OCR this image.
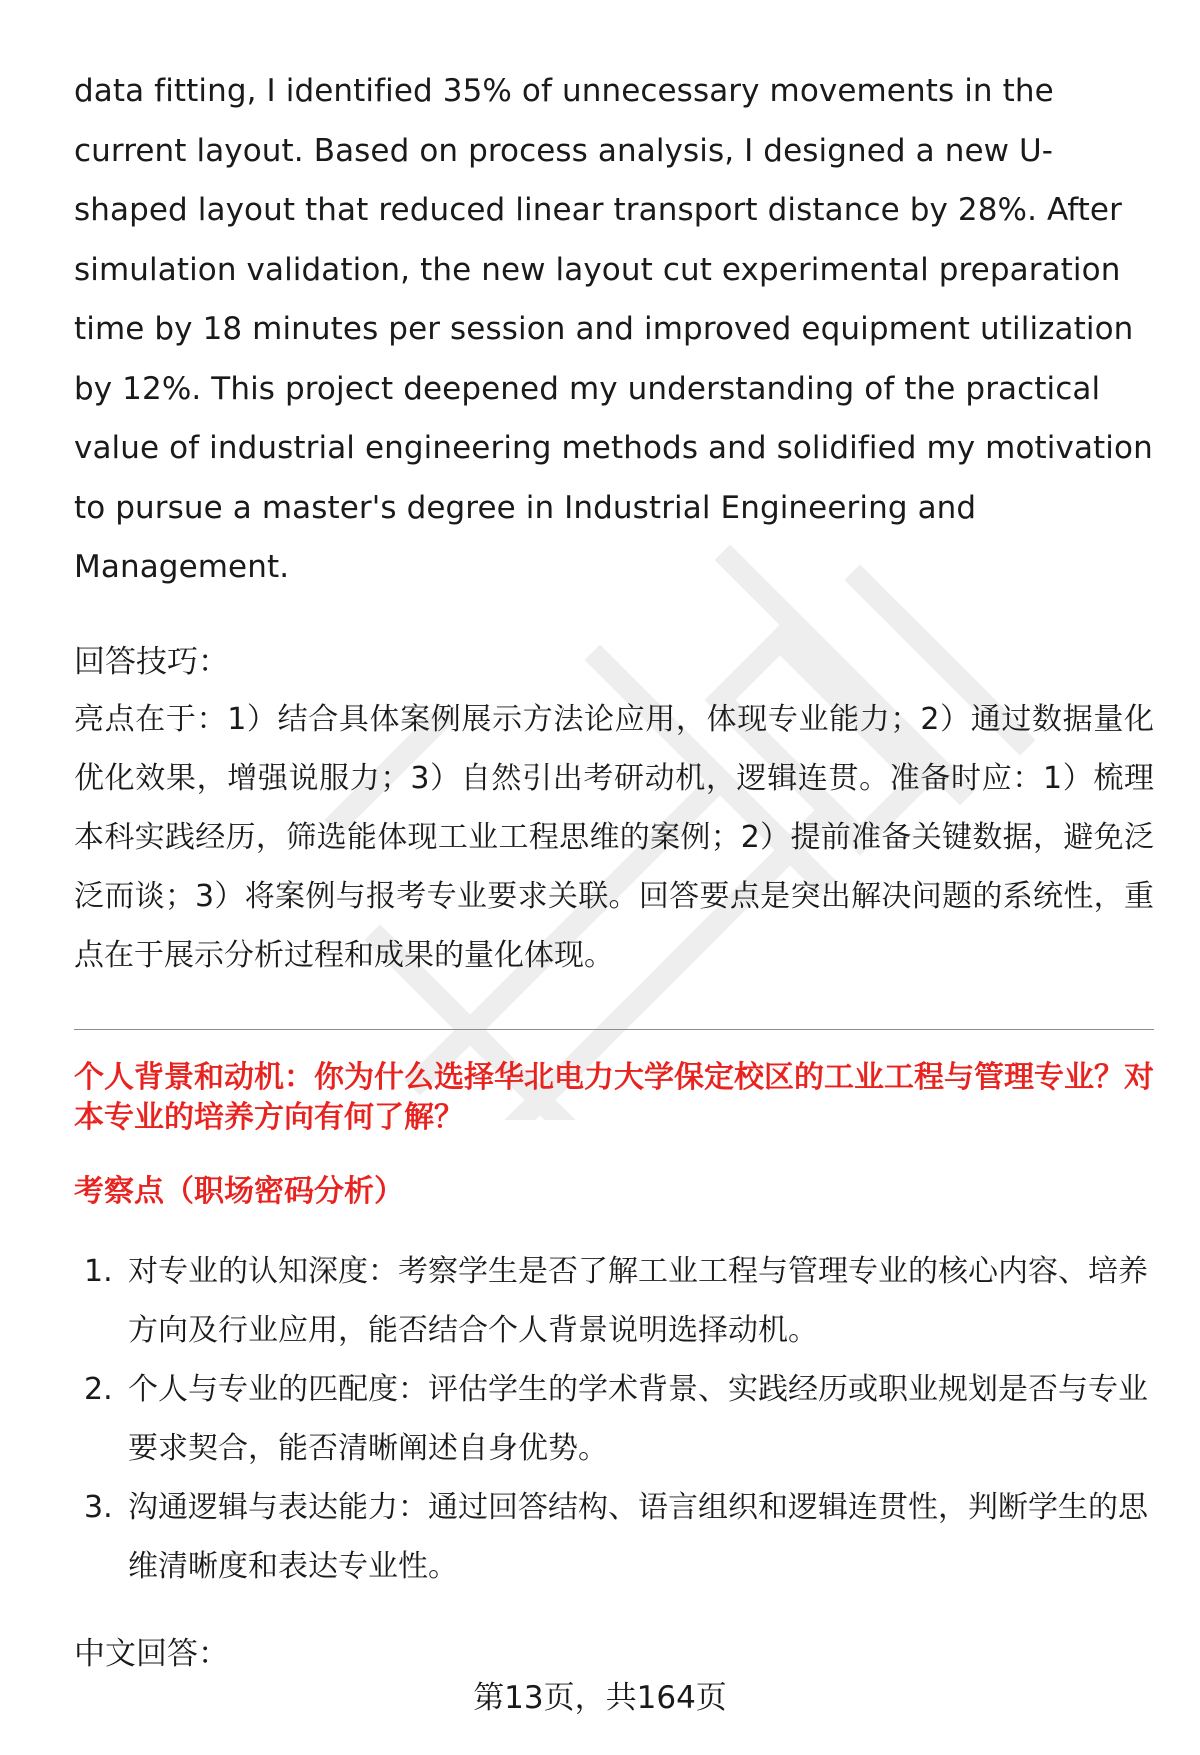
data fitting, I identified 35% of unnecessary movements in the current layout. Based on process analysis, I designed a new U-shaped layout that reduced linear transport distance by 28%. After simulation validation, the new layout cut experimental preparation time by 18 minutes per session and improved equipment utilization by 12%. This project deepened my understanding of the practical value of industrial engineering methods and solidified my motivation to pursue a master's degree in Industrial Engineering and Management.

回答技巧：

亮点在于：1）结合具体案例展示方法论应用，体现专业能力；2）通过数据量化优化效果，增强说服力；3）自然引出考研动机，逻辑连贯。准备时应：1）梳理本科实践经历，筛选能体现工业工程思维的案例；2）提前准备关键数据，避免泛泛而谈；3）将案例与报考专业要求关联。回答要点是突出解决问题的系统性，重点在于展示分析过程和成果的量化体现。

个人背景和动机：你为什么选择华北电力大学保定校区的工业工程与管理专业？对本专业的培养方向有何了解？

考察点（职场密码分析）

1. 对专业的认知深度：考察学生是否了解工业工程与管理专业的核心内容、培养方向及行业应用，能否结合个人背景说明选择动机。
2. 个人与专业的匹配度：评估学生的学术背景、实践经历或职业规划是否与专业要求契合，能否清晰阐述自身优势。
3. 沟通逻辑与表达能力：通过回答结构、语言组织和逻辑连贯性，判断学生的思维清晰度和表达专业性。

中文回答：

第13页，共164页
